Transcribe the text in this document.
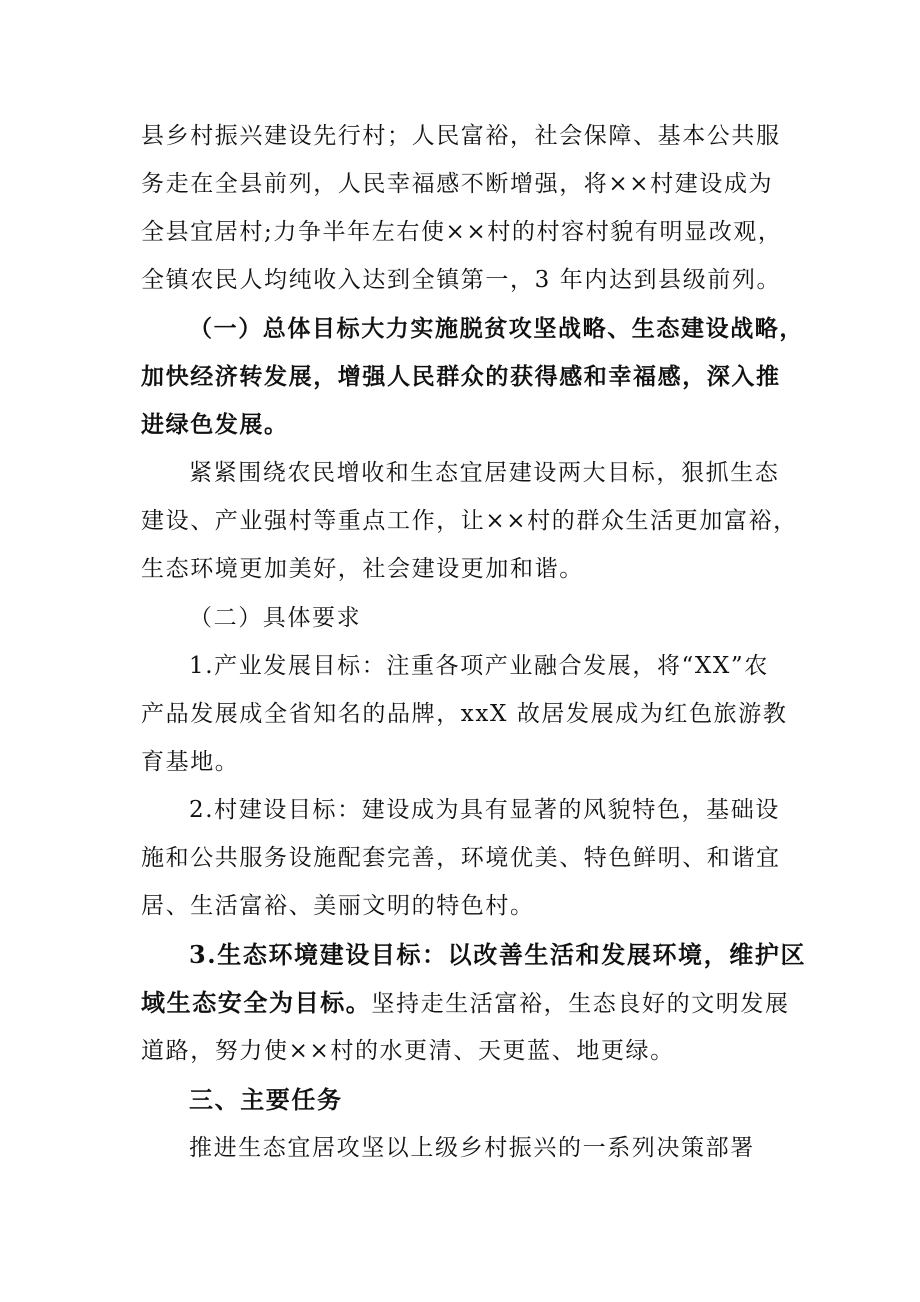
县乡村振兴建设先行村；人民富裕，社会保障、基本公共服
务走在全县前列，人民幸福感不断增强，将××村建设成为
全县宜居村;力争半年左右使××村的村容村貌有明显改观，
全镇农民人均纯收入达到全镇第一，3 年内达到县级前列。
（一）总体目标大力实施脱贫攻坚战略、生态建设战略，
加快经济转发展，增强人民群众的获得感和幸福感，深入推
进绿色发展。
紧紧围绕农民增收和生态宜居建设两大目标，狠抓生态
建设、产业强村等重点工作，让××村的群众生活更加富裕，
生态环境更加美好，社会建设更加和谐。
（二）具体要求
1.产业发展目标：注重各项产业融合发展，将“XX”农
产品发展成全省知名的品牌，xxX 故居发展成为红色旅游教
育基地。
2.村建设目标：建设成为具有显著的风貌特色，基础设
施和公共服务设施配套完善，环境优美、特色鲜明、和谐宜
居、生活富裕、美丽文明的特色村。
3.生态环境建设目标：以改善生活和发展环境，维护区
域生态安全为目标。坚持走生活富裕，生态良好的文明发展
道路，努力使××村的水更清、天更蓝、地更绿。
三、主要任务
推进生态宜居攻坚以上级乡村振兴的一系列决策部署
